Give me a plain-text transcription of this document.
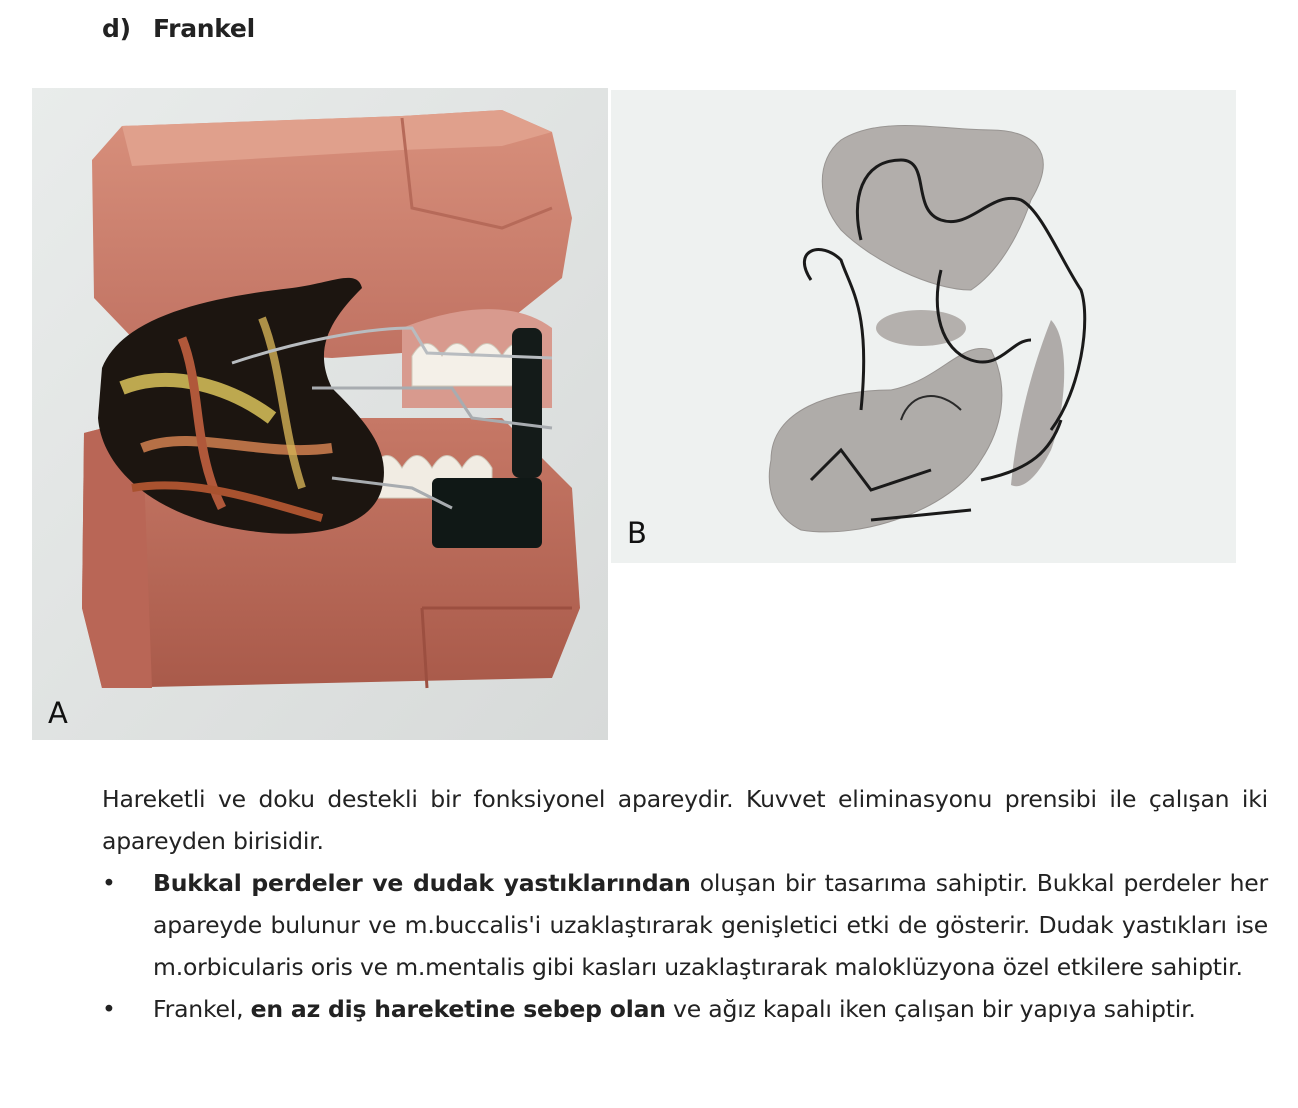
d) Frankel
A
B

Hareketli ve doku destekli bir fonksiyonel apareydir. Kuvvet eliminasyonu prensibi ile çalışan iki apareyden birisidir.

• Bukkal perdeler ve dudak yastıklarından oluşan bir tasarıma sahiptir. Bukkal perdeler her apareyde bulunur ve m.buccalis'i uzaklaştırarak genişletici etki de gösterir. Dudak yastıkları ise m.orbicularis oris ve m.mentalis gibi kasları uzaklaştırarak maloklüzyona özel etkilere sahiptir.
• Frankel, en az diş hareketine sebep olan ve ağız kapalı iken çalışan bir yapıya sahiptir.
